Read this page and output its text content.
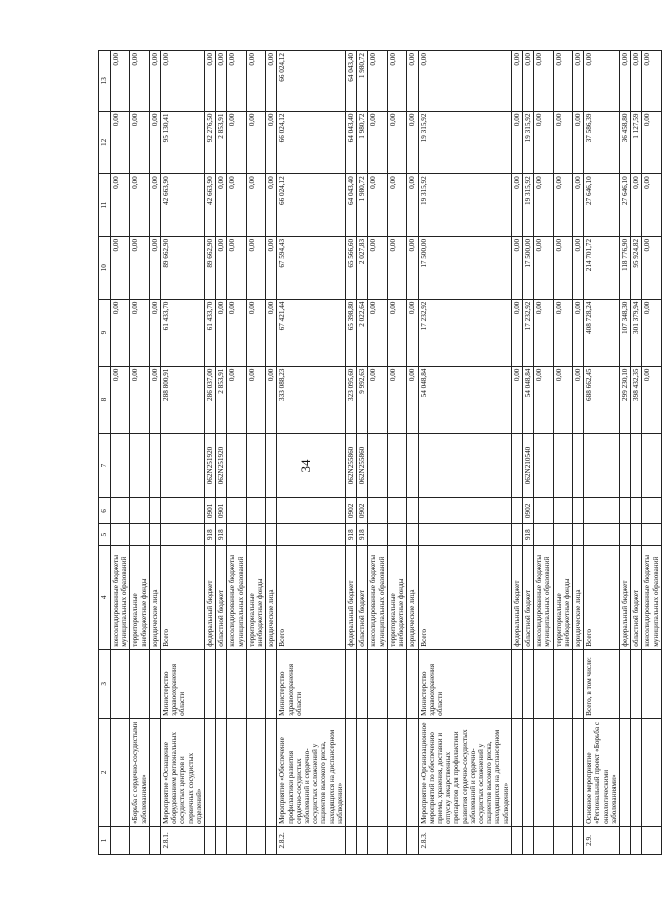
34
1	2	3	4	5	6	7	8	9	10	11	12	13
			консолидированные бюджеты муниципальных образований				0,00	0,00	0,00	0,00	0,00	0,00
	«Борьба с сердечно-сосудистыми заболеваниями»		территориальные внебюджетные фонды				0,00	0,00	0,00	0,00	0,00	0,00
			юридические лица				0,00	0,00	0,00	0,00	0,00	0,00
2.8.1.	Мероприятие «Оснащение оборудованием региональных сосудистых центров и первичных сосудистых отделений»	Министерство здравоохранения области	Всего				288 800,91	61 433,70	89 662,90	42 663,90	95 130,41	0,00
			федеральный бюджет	918	0901	062N251920	286 037,00	61 433,70	89 662,90	42 663,90	92 276,50	0,00
			областной бюджет	918	0901	062N251920	2 853,91	0,00	0,00	0,00	2 853,91	0,00
			консолидированные бюджеты муниципальных образований				0,00	0,00	0,00	0,00	0,00	0,00
			территориальные внебюджетные фонды				0,00	0,00	0,00	0,00	0,00	0,00
			юридические лица				0,00	0,00	0,00	0,00	0,00	0,00
2.8.2.	Мероприятие «Обеспечение профилактики развития сердечно-сосудистых заболеваний и сердечно-сосудистых осложнений у пациентов высокого риска, находящихся на диспансерном наблюдении»	Министерство здравоохранения области	Всего				333 088,23	67 421,44	67 594,43	66 024,12	66 024,12	66 024,12
			федеральный бюджет	918	0902	062N255860	323 095,60	65 398,80	65 566,60	64 043,40	64 043,40	64 043,40
			областной бюджет	918	0902	062N255860	9 992,63	2 022,64	2 027,83	1 980,72	1 980,72	1 980,72
			консолидированные бюджеты муниципальных образований				0,00	0,00	0,00	0,00	0,00	0,00
			территориальные внебюджетные фонды				0,00	0,00	0,00	0,00	0,00	0,00
			юридические лица				0,00	0,00	0,00	0,00	0,00	0,00
2.8.3.	Мероприятие «Организационное мероприятий по обеспечению приема, хранения, доставки и отпуску лекарственных препаратов для профилактики развития сердечно-сосудистых заболеваний и сердечно-сосудистых осложнений у пациентов высокого риска, находящихся на диспансерном наблюдении»	Министерство здравоохранения области	Всего				54 048,84	17 232,92	17 500,00	19 315,92	19 315,92	0,00
			федеральный бюджет				0,00	0,00	0,00	0,00	0,00	0,00
			областной бюджет	918	0902	062N210540	54 048,84	17 232,92	17 500,00	19 315,92	19 315,92	0,00
			консолидированные бюджеты муниципальных образований				0,00	0,00	0,00	0,00	0,00	0,00
			территориальные внебюджетные фонды				0,00	0,00	0,00	0,00	0,00	0,00
			юридические лица				0,00	0,00	0,00	0,00	0,00	0,00
2.9.	Основное мероприятие «Региональный проект «Борьба с онкологическими заболеваниями»	Всего, в том числе:	Всего				688 662,45	408 728,24	214 701,72	27 646,10	37 586,39	0,00
			федеральный бюджет				299 230,10	107 348,30	118 776,90	27 646,10	36 458,80	0,00
			областной бюджет				398 432,35	301 379,94	95 924,82	0,00	1 127,59	0,00
			консолидированные бюджеты муниципальных образований				0,00	0,00	0,00	0,00	0,00	0,00
